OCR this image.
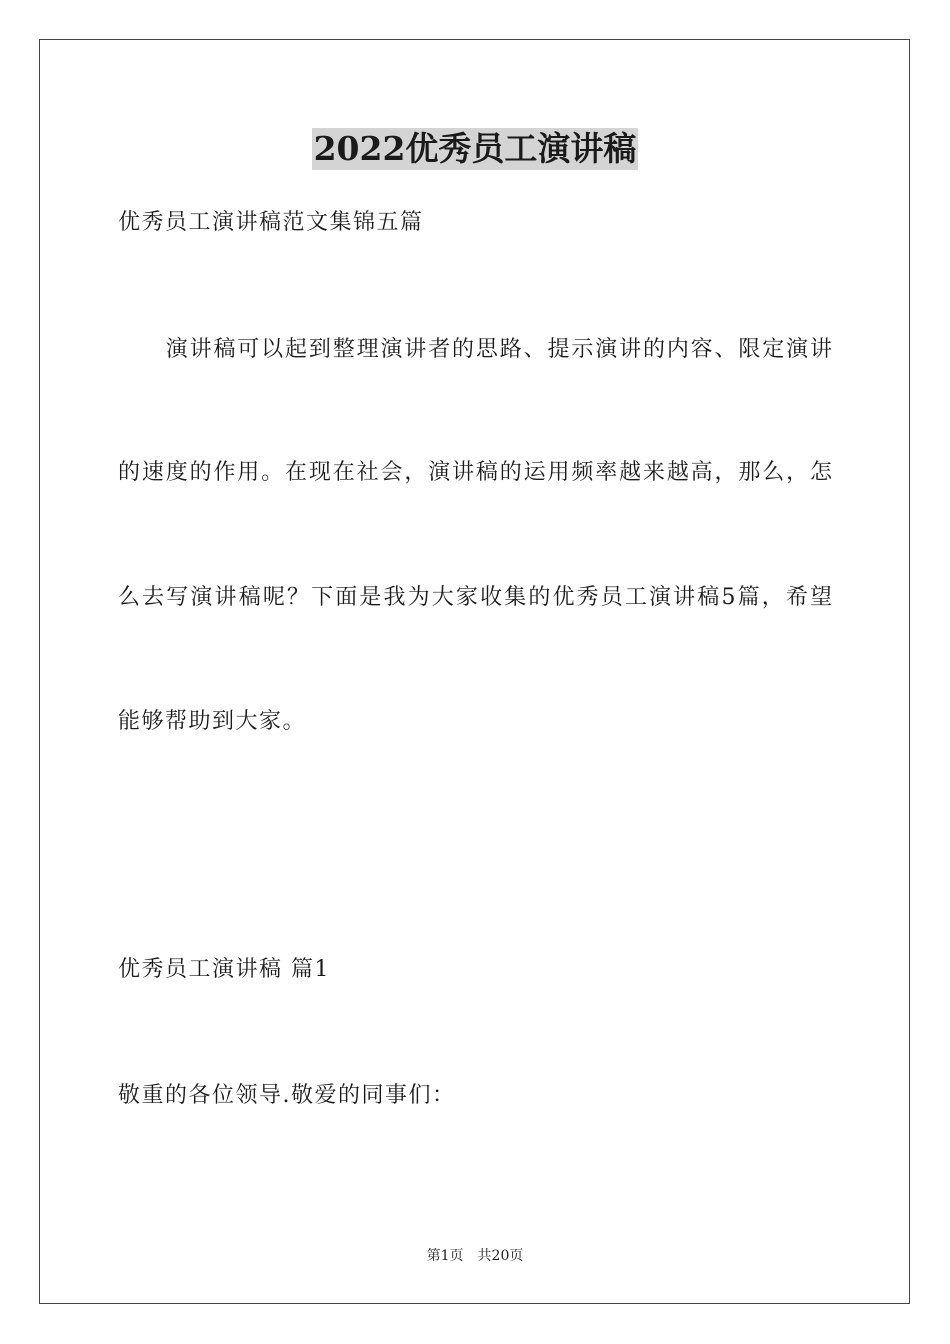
2022优秀员工演讲稿
优秀员工演讲稿范文集锦五篇
　　演讲稿可以起到整理演讲者的思路、提示演讲的内容、限定演讲
的速度的作用。在现在社会，演讲稿的运用频率越来越高，那么，怎
么去写演讲稿呢？下面是我为大家收集的优秀员工演讲稿5篇，希望
能够帮助到大家。
优秀员工演讲稿 篇1
敬重的各位领导.敬爱的同事们：
第1页 共20页
